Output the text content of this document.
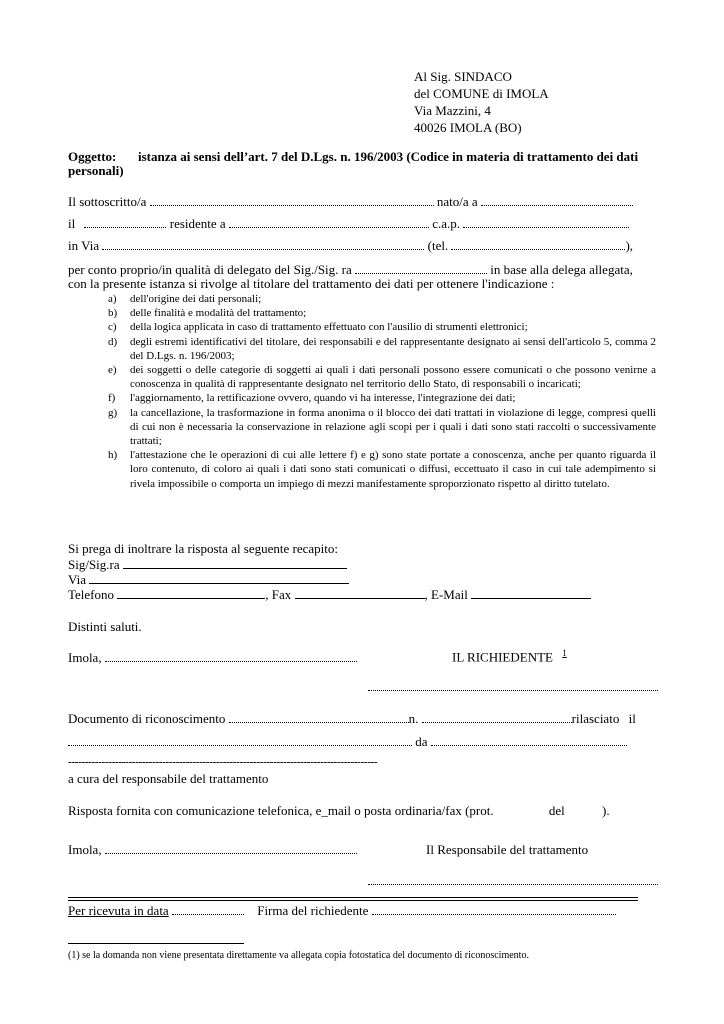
Al Sig. SINDACO
del COMUNE di IMOLA
Via Mazzini, 4
40026 IMOLA (BO)
Oggetto: istanza ai sensi dell’art. 7 del D.Lgs. n. 196/2003 (Codice in materia di trattamento dei dati
personali)
Il sottoscritto/a	nato/a a
il	residente a	c.a.p.
in Via	(tel.	),
per conto proprio/in qualità di delegato del Sig./Sig. ra	in base alla delega allegata,
con la presente istanza si rivolge al titolare del trattamento dei dati per ottenere l'indicazione :
a)	dell'origine dei dati personali;
b)	delle finalità e modalità del trattamento;
c)	della logica applicata in caso di trattamento effettuato con l'ausilio di strumenti elettronici;
d)	degli estremi identificativi del titolare, dei responsabili e del rappresentante designato ai sensi dell'articolo 5, comma 2 del D.Lgs. n. 196/2003;
e)	dei soggetti o delle categorie di soggetti ai quali i dati personali possono essere comunicati o che possono venirne a conoscenza in qualità di rappresentante designato nel territorio dello Stato, di responsabili o incaricati;
f)	l'aggiornamento, la rettificazione ovvero, quando vi ha interesse, l'integrazione dei dati;
g)	la cancellazione, la trasformazione in forma anonima o il blocco dei dati trattati in violazione di legge, compresi quelli di cui non è necessaria la conservazione in relazione agli scopi per i quali i dati sono stati raccolti o successivamente trattati;
h)	l'attestazione che le operazioni di cui alle lettere f) e g) sono state portate a conoscenza, anche per quanto riguarda il loro contenuto, di coloro ai quali i dati sono stati comunicati o diffusi, eccettuato il caso in cui tale adempimento si rivela impossibile o comporta un impiego di mezzi manifestamente sproporzionato rispetto al diritto tutelato.
Si prega di inoltrare la risposta al seguente recapito:
Sig/Sig.ra
Via
Telefono	, Fax	, E-Mail
Distinti saluti.
Imola,	IL RICHIEDENTE $^1$
Documento di riconoscimento	n.	rilasciato il
da
--------------------------------------------------------------------------------------------
a cura del responsabile del trattamento
Risposta fornita con comunicazione telefonica, e_mail o posta ordinaria/fax (prot.	del	).
Imola,	Il Responsabile del trattamento
Per ricevuta in data	Firma del richiedente
(1) se la domanda non viene presentata direttamente va allegata copia fotostatica del documento di riconoscimento.
